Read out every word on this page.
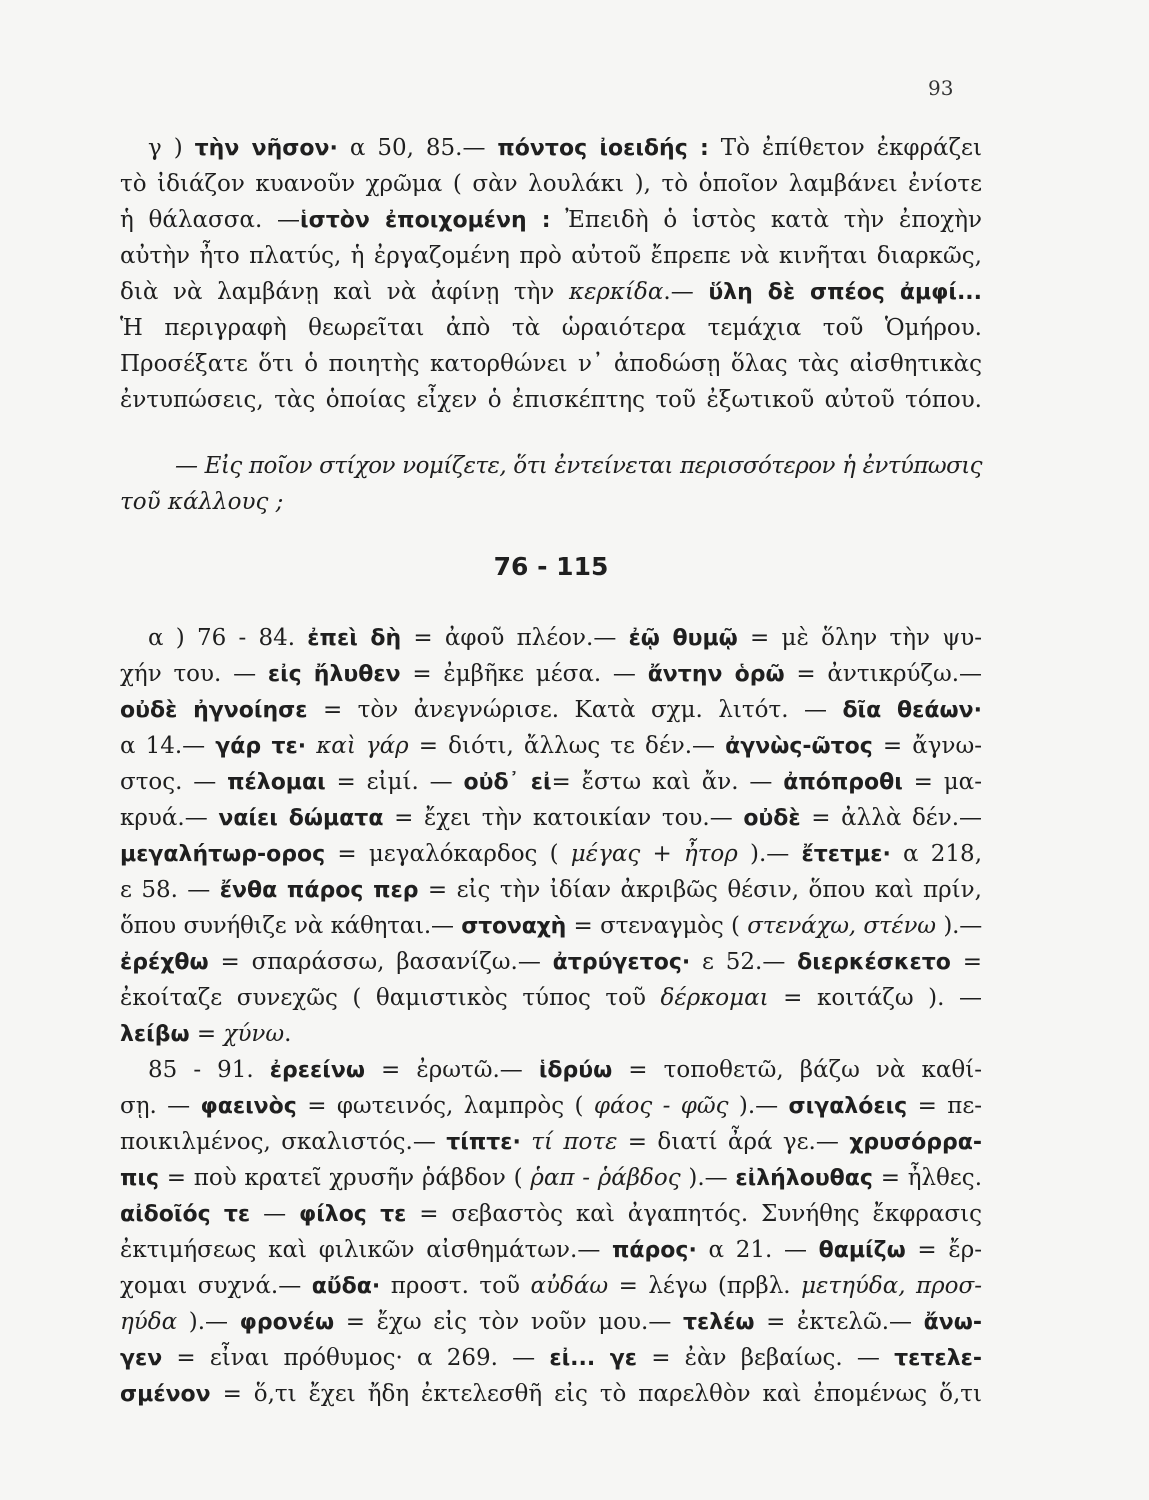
93
γ ) τὴν νῆσον· α 50, 85.— πόντος ἰοειδής : Τὸ ἐπίθετον ἐκφράζει
τὸ ἰδιάζον κυανοῦν χρῶμα ( σὰν λουλάκι ), τὸ ὁποῖον λαμβάνει ἐνίοτε
ἡ θάλασσα. —ἱστὸν ἐποιχομένη : Ἐπειδὴ ὁ ἱστὸς κατὰ τὴν ἐποχὴν
αὐτὴν ἦτο πλατύς, ἡ ἐργαζομένη πρὸ αὐτοῦ ἔπρεπε νὰ κινῆται διαρκῶς,
διὰ νὰ λαμβάνῃ καὶ νὰ ἀφίνῃ τὴν κερκίδα.— ὕλη δὲ σπέος ἀμφί...
Ἡ περιγραφὴ θεωρεῖται ἀπὸ τὰ ὡραιότερα τεμάχια τοῦ Ὁμήρου.
Προσέξατε ὅτι ὁ ποιητὴς κατορθώνει ν᾽ ἀποδώσῃ ὅλας τὰς αἰσθητικὰς
ἐντυπώσεις, τὰς ὁποίας εἶχεν ὁ ἐπισκέπτης τοῦ ἐξωτικοῦ αὐτοῦ τόπου.
— Εἰς ποῖον στίχον νομίζετε, ὅτι ἐντείνεται περισσότερον ἡ ἐντύπωσις
τοῦ κάλλους ;
76 - 115
α ) 76 - 84. ἐπεὶ δὴ = ἀφοῦ πλέον.— ἐῷ θυμῷ = μὲ ὅλην τὴν ψυ-
χήν του. — εἰς ἤλυθεν = ἐμβῆκε μέσα. — ἄντην ὁρῶ = ἀντικρύζω.—
οὐδὲ ἠγνοίησε = τὸν ἀνεγνώρισε. Κατὰ σχμ. λιτότ. — δῖα θεάων·
α 14.— γάρ τε· καὶ γάρ = διότι, ἄλλως τε δέν.— ἀγνὼς-ῶτος = ἄγνω-
στος. — πέλομαι = εἰμί. — οὐδ᾽ εἰ= ἔστω καὶ ἄν. — ἀπόπροθι = μα-
κρυά.— ναίει δώματα = ἔχει τὴν κατοικίαν του.— οὐδὲ = ἀλλὰ δέν.—
μεγαλήτωρ-ορος = μεγαλόκαρδος ( μέγας + ἦτορ ).— ἔτετμε· α 218,
ε 58. — ἔνθα πάρος περ = εἰς τὴν ἰδίαν ἀκριβῶς θέσιν, ὅπου καὶ πρίν,
ὅπου συνήθιζε νὰ κάθηται.— στοναχὴ = στεναγμὸς ( στενάχω, στένω ).—
ἐρέχθω = σπαράσσω, βασανίζω.— ἀτρύγετος· ε 52.— διερκέσκετο =
ἐκοίταζε συνεχῶς ( θαμιστικὸς τύπος τοῦ δέρκομαι = κοιτάζω ). —
λείβω = χύνω.
85 - 91. ἐρεείνω = ἐρωτῶ.— ἱδρύω = τοποθετῶ, βάζω νὰ καθί-
σῃ. — φαεινὸς = φωτεινός, λαμπρὸς ( φάος - φῶς ).— σιγαλόεις = πε-
ποικιλμένος, σκαλιστός.— τίπτε· τί ποτε = διατί ἆρά γε.— χρυσόρρα-
πις = ποὺ κρατεῖ χρυσῆν ῥάβδον ( ῥαπ - ῥάβδος ).— εἰλήλουθας = ἦλθες.
αἰδοῖός τε — φίλος τε = σεβαστὸς καὶ ἀγαπητός. Συνήθης ἔκφρασις
ἐκτιμήσεως καὶ φιλικῶν αἰσθημάτων.— πάρος· α 21. — θαμίζω = ἔρ-
χομαι συχνά.— αὔδα· προστ. τοῦ αὐδάω = λέγω (πρβλ. μετηύδα, προσ-
ηύδα ).— φρονέω = ἔχω εἰς τὸν νοῦν μου.— τελέω = ἐκτελῶ.— ἄνω-
γεν = εἶναι πρόθυμος· α 269. — εἰ... γε = ἐὰν βεβαίως. — τετελε-
σμένον = ὅ,τι ἔχει ἤδη ἐκτελεσθῆ εἰς τὸ παρελθὸν καὶ ἐπομένως ὅ,τι
